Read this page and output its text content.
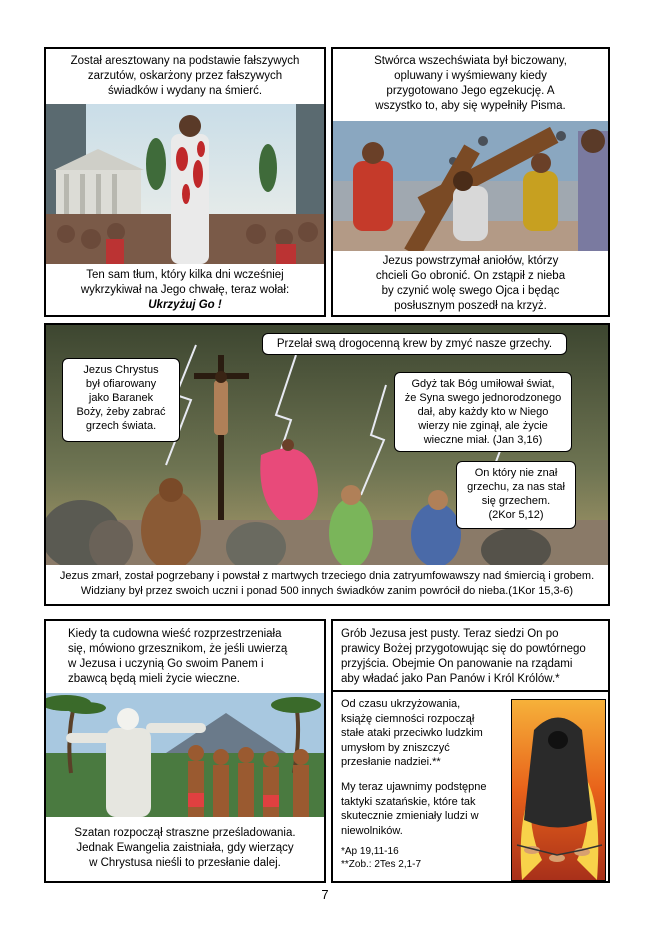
Został aresztowany na podstawie fałszywych
zarzutów, oskarżony przez fałszywych
świadków i wydany na śmierć.
Ten sam tłum, który kilka dni wcześniej
wykrzykiwał na Jego chwałę, teraz wołał:
Ukrzyżuj Go !
Stwórca wszechświata był biczowany,
opluwany i wyśmiewany kiedy
przygotowano Jego egzekucję. A
wszystko to, aby się wypełniły Pisma.
Jezus powstrzymał aniołów, którzy
chcieli Go obronić. On zstąpił z nieba
by czynić wolę swego Ojca i będąc
posłusznym poszedł na krzyż.
Przelał swą drogocenną krew by zmyć nasze grzechy.
Jezus Chrystus
był ofiarowany
jako Baranek
Boży, żeby zabrać
grzech świata.
Gdyż tak Bóg umiłował świat,
że Syna swego jednorodzonego
dał, aby każdy kto w Niego
wierzy nie zginął, ale życie
wieczne miał. (Jan 3,16)
On który nie znał
grzechu, za nas stał
się grzechem.
(2Kor 5,12)
Jezus zmarł, został pogrzebany i powstał z martwych trzeciego dnia zatryumfowawszy nad śmiercią i grobem.
Widziany był przez swoich uczni i ponad 500 innych świadków zanim powrócił do nieba.(1Kor 15,3-6)
Kiedy ta cudowna wieść rozprzestrzeniała
się, mówiono grzesznikom, że jeśli uwierzą
w Jezusa i uczynią Go swoim Panem i
zbawcą będą mieli życie wieczne.
Szatan rozpoczął straszne prześladowania.
Jednak Ewangelia zaistniała, gdy wierzący
w Chrystusa nieśli to przesłanie dalej.
Grób Jezusa jest pusty. Teraz siedzi On po
prawicy Bożej przygotowując się do powtórnego
przyjścia. Obejmie On panowanie na rządami
aby władać jako Pan Panów i Król Królów.*
Od czasu ukrzyżowania,
książę ciemności rozpoczął
stałe ataki przeciwko ludzkim
umysłom by zniszczyć
przesłanie nadziei.**
My teraz ujawnimy podstępne
taktyki szatańskie, które tak
skutecznie zmieniały ludzi w
niewolników.
*Ap 19,11-16
**Zob.: 2Tes 2,1-7
7
